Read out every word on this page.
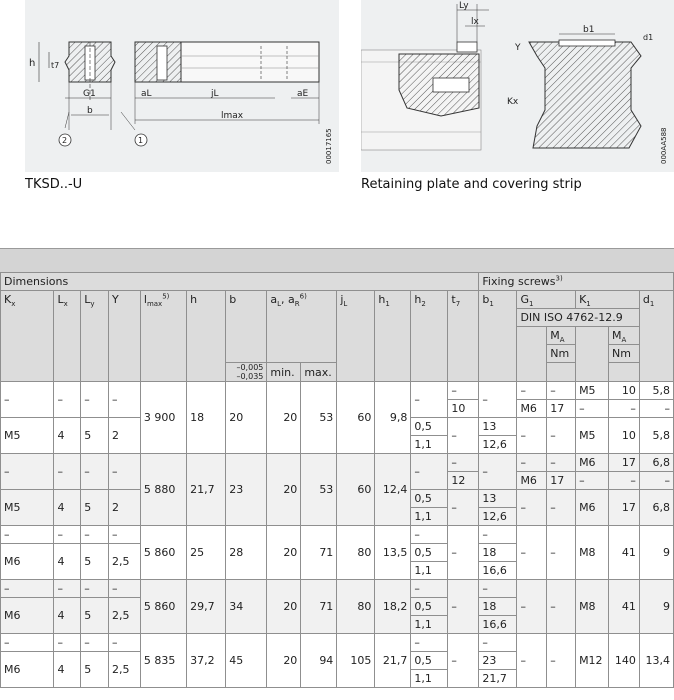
h t7
G1
b
2	1
aL	jL
lmax
aE
00017165
TKSD..-U
Ly
lx
Y
Kx
b1
d1
000AA588
Retaining plate and covering strip
Dimensions													Fixing screws$^{3)}$
$K_x$	$L_x$	$L_y$	Y	$l_{max}^{5)}$	h	b	$a_L$, $a_R^{6)}$		$j_L$	$h_1$	$h_2$	$t_7$	$b_1$	$G_1$		$K_1$		$d_1$
														DIN ISO 4762-12.9				
															$M_A$		$M_A$
															Nm		Nm	
						–0,005
–0,035	min.	max.										
–	–	–	–	3 900	18	20	20	53	60	9,8	–	–	–	–	–	M5	10	5,8
												10		M6	17	–	–	–
M5	4	5	2								0,5	–	13	–	–	M5	10	5,8
											1,1		12,6					
–	–	–	–	5 880	21,7	23	20	53	60	12,4	–	–	–	–	–	M6	17	6,8
												12		M6	17	–	–	–
M5	4	5	2								0,5	–	13	–	–	M6	17	6,8
											1,1		12,6					
–	–	–	–	5 860	25	28	20	71	80	13,5	–	–	–	–	–	M8	41	9
M6	4	5	2,5								0,5		18					
											1,1		16,6					
–	–	–	–	5 860	29,7	34	20	71	80	18,2	–	–	–	–	–	M8	41	9
M6	4	5	2,5								0,5		18					
											1,1		16,6					
–	–	–	–	5 835	37,2	45	20	94	105	21,7	–	–	–	–	–	M12	140	13,4
M6	4	5	2,5								0,5		23					
											1,1		21,7					
